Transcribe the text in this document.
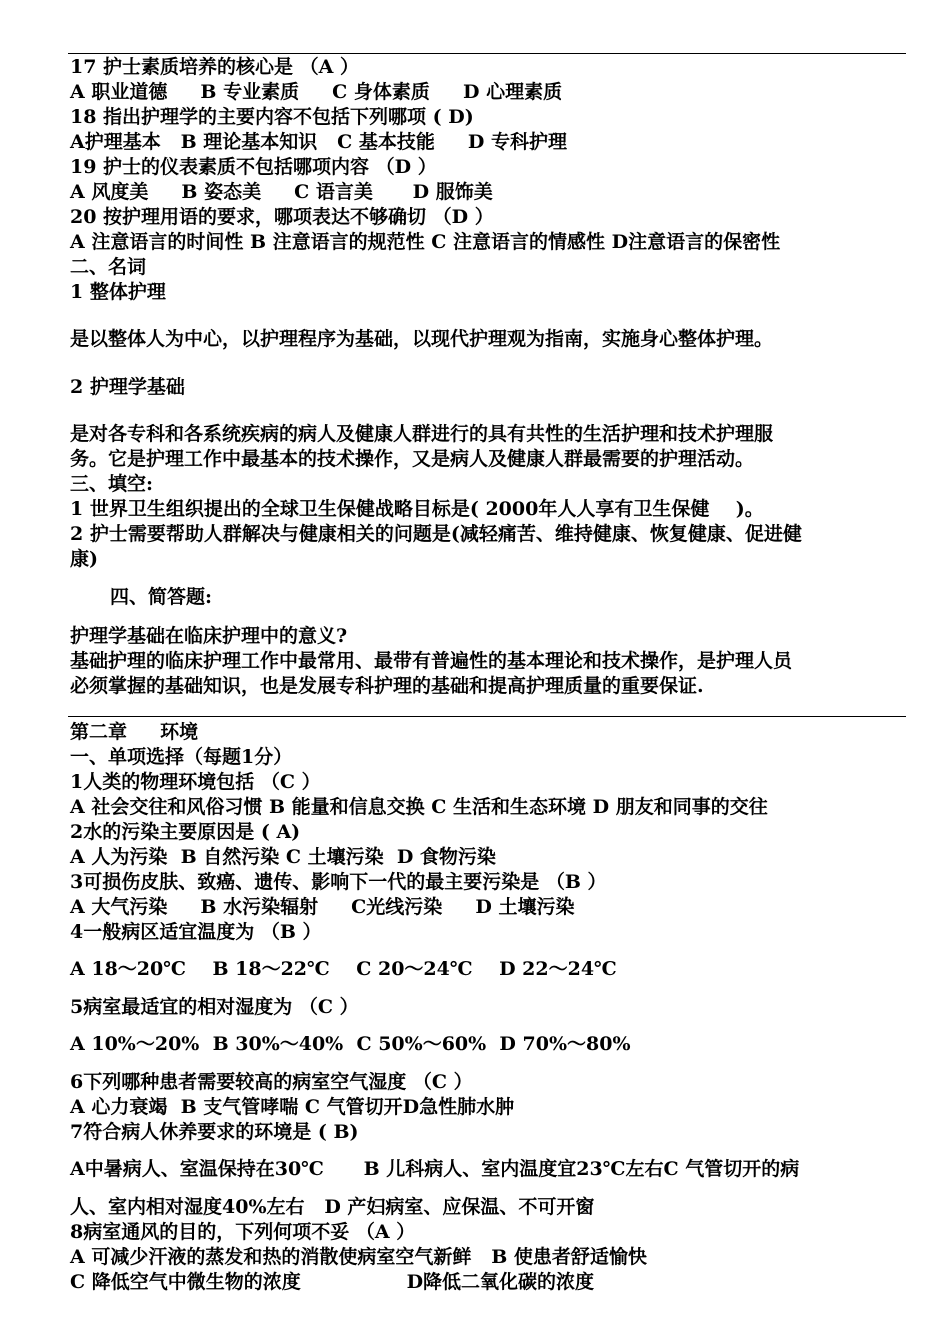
17 护士素质培养的核心是 （A ）
A 职业道德     B 专业素质     C 身体素质     D 心理素质
18 指出护理学的主要内容不包括下列哪项 ( D)
A护理基本   B 理论基本知识   C 基本技能     D 专科护理
19 护士的仪表素质不包括哪项内容 （D ）
A 风度美     B 姿态美     C 语言美      D 服饰美
20 按护理用语的要求，哪项表达不够确切 （D ）
A 注意语言的时间性 B 注意语言的规范性 C 注意语言的情感性 D注意语言的保密性
二、名词
1 整体护理
是以整体人为中心，以护理程序为基础，以现代护理观为指南，实施身心整体护理。
2 护理学基础
是对各专科和各系统疾病的病人及健康人群进行的具有共性的生活护理和技术护理服
务。它是护理工作中最基本的技术操作，又是病人及健康人群最需要的护理活动。
三、填空:
1 世界卫生组织提出的全球卫生保健战略目标是( 2000年人人享有卫生保健    )。
2 护士需要帮助人群解决与健康相关的问题是(减轻痛苦、维持健康、恢复健康、促进健
康)
四、简答题:
护理学基础在临床护理中的意义?
基础护理的临床护理工作中最常用、最带有普遍性的基本理论和技术操作，是护理人员
必须掌握的基础知识，也是发展专科护理的基础和提高护理质量的重要保证.
第二章     环境
一、单项选择（每题1分）
1人类的物理环境包括 （C ）
A 社会交往和风俗习惯 B 能量和信息交换 C 生活和生态环境 D 朋友和同事的交往
2水的污染主要原因是 ( A)
A 人为污染  B 自然污染 C 土壤污染  D 食物污染
3可损伤皮肤、致癌、遗传、影响下一代的最主要污染是 （B ）
A 大气污染     B 水污染辐射     C光线污染     D 土壤污染
4一般病区适宜温度为 （B ）
A 18～20℃    B 18～22℃    C 20～24℃    D 22～24℃
5病室最适宜的相对湿度为 （C ）
A 10%～20%  B 30%～40%  C 50%～60%  D 70%～80%
6下列哪种患者需要较高的病室空气湿度 （C ）
A 心力衰竭  B 支气管哮喘 C 气管切开D急性肺水肿
7符合病人休养要求的环境是 ( B)
A中暑病人、室温保持在30℃      B 儿科病人、室内温度宜23℃左右C 气管切开的病
人、室内相对湿度40%左右   D 产妇病室、应保温、不可开窗
8病室通风的目的，下列何项不妥 （A ）
A 可减少汗液的蒸发和热的消散使病室空气新鲜   B 使患者舒适愉快
C 降低空气中微生物的浓度                D降低二氧化碳的浓度
